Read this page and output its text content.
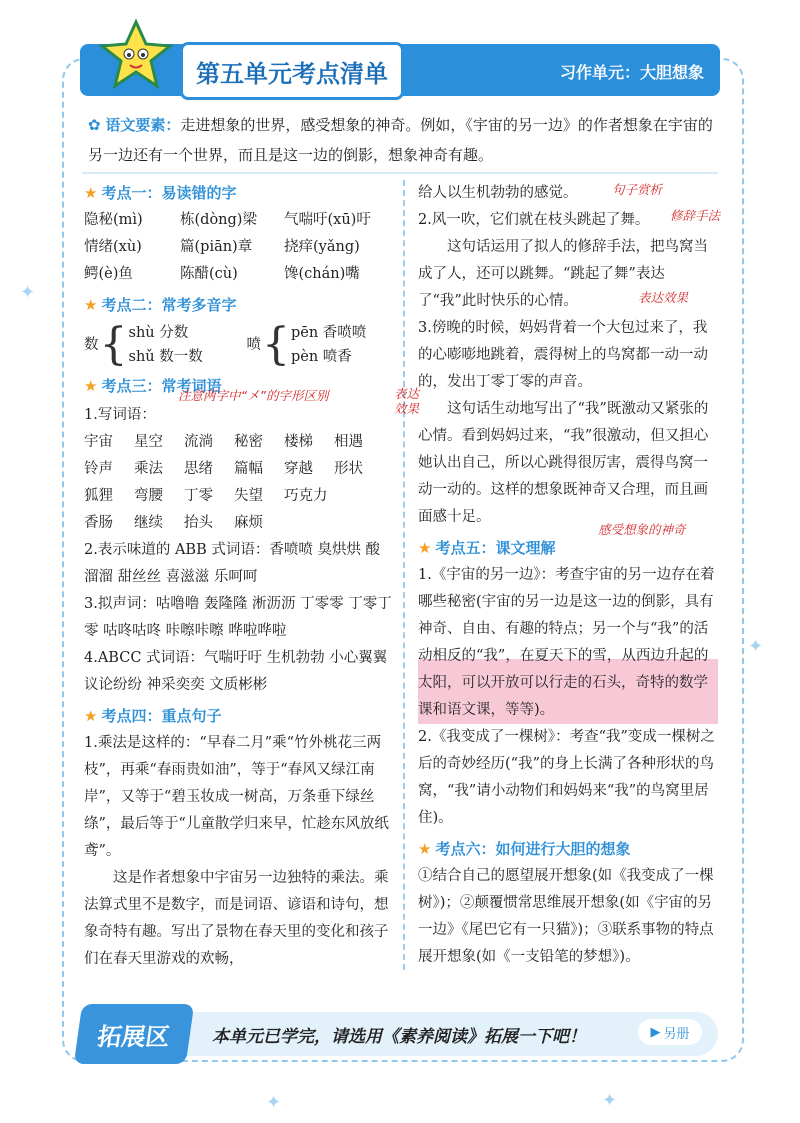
第五单元考点清单	习作单元：大胆想象
✿ 语文要素：走进想象的世界，感受想象的神奇。例如，《宇宙的另一边》的作者想象在宇宙的另一边还有一个世界，而且是这一边的倒影，想象神奇有趣。
★ 考点一：易读错的字
隐秘(mì)	栋(dòng)梁	气喘吁(xū)吁
情绪(xù)	篇(piān)章	挠痒(yǎng)
鳄(è)鱼	陈醋(cù)	馋(chán)嘴
★ 考点二：常考多音字
数 { shù 分数
shǔ 数一数
喷 { pēn 香喷喷
pèn 喷香
★ 考点三：常考词语
1.写词语：
宇宙	星空	流淌	秘密	楼梯	相遇
铃声	乘法	思绪	篇幅	穿越	形状
狐狸	弯腰	丁零	失望	巧克力
香肠	继续	抬头	麻烦

2.表示味道的 ABB 式词语：香喷喷 臭烘烘 酸溜溜 甜丝丝 喜滋滋 乐呵呵

3.拟声词：咕噜噜 轰隆隆 淅沥沥 丁零零 丁零丁零 咕咚咕咚 咔嚓咔嚓 哗啦哗啦

4.ABCC 式词语：气喘吁吁 生机勃勃 小心翼翼 议论纷纷 神采奕奕 文质彬彬

★ 考点四：重点句子

1.乘法是这样的：“早春二月”乘“竹外桃花三两枝”，再乘“春雨贵如油”，等于“春风又绿江南岸”，又等于“碧玉妆成一树高，万条垂下绿丝绦”，最后等于“儿童散学归来早，忙趁东风放纸鸢”。

这是作者想象中宇宙另一边独特的乘法。乘法算式里不是数字，而是词语、谚语和诗句，想象奇特有趣。写出了景物在春天里的变化和孩子们在春天里游戏的欢畅，

注意两字中“㐅”的字形区别

给人以生机勃勃的感觉。

2.风一吹，它们就在枝头跳起了舞。

这句话运用了拟人的修辞手法，把鸟窝当成了人，还可以跳舞。“跳起了舞”表达了“我”此时快乐的心情。

3.傍晚的时候，妈妈背着一个大包过来了，我的心嘭嘭地跳着，震得树上的鸟窝都一动一动的，发出丁零丁零的声音。

这句话生动地写出了“我”既激动又紧张的心情。看到妈妈过来，“我”很激动，但又担心她认出自己，所以心跳得很厉害，震得鸟窝一动一动的。这样的想象既神奇又合理，而且画面感十足。

★ 考点五：课文理解

1.《宇宙的另一边》：考查宇宙的另一边存在着哪些秘密(宇宙的另一边是这一边的倒影，具有神奇、自由、有趣的特点；另一个与“我”的活动相反的“我”，在夏天下的雪，从西边升起的太阳，可以开放可以行走的石头，奇特的数学课和语文课，等等)。

2.《我变成了一棵树》：考查“我”变成一棵树之后的奇妙经历(“我”的身上长满了各种形状的鸟窝，“我”请小动物们和妈妈来“我”的鸟窝里居住)。

★ 考点六：如何进行大胆的想象

①结合自己的愿望展开想象(如《我变成了一棵树》)；②颠覆惯常思维展开想象(如《宇宙的另一边》《尾巴它有一只猫》)；③联系事物的特点展开想象(如《一支铅笔的梦想》)。

句子赏析
修辞手法
表达效果
表达效果
感受想象的神奇
拓展区	本单元已学完，请选用《素养阅读》拓展一下吧！	▶ 另册
✦
✦
✦	✦
